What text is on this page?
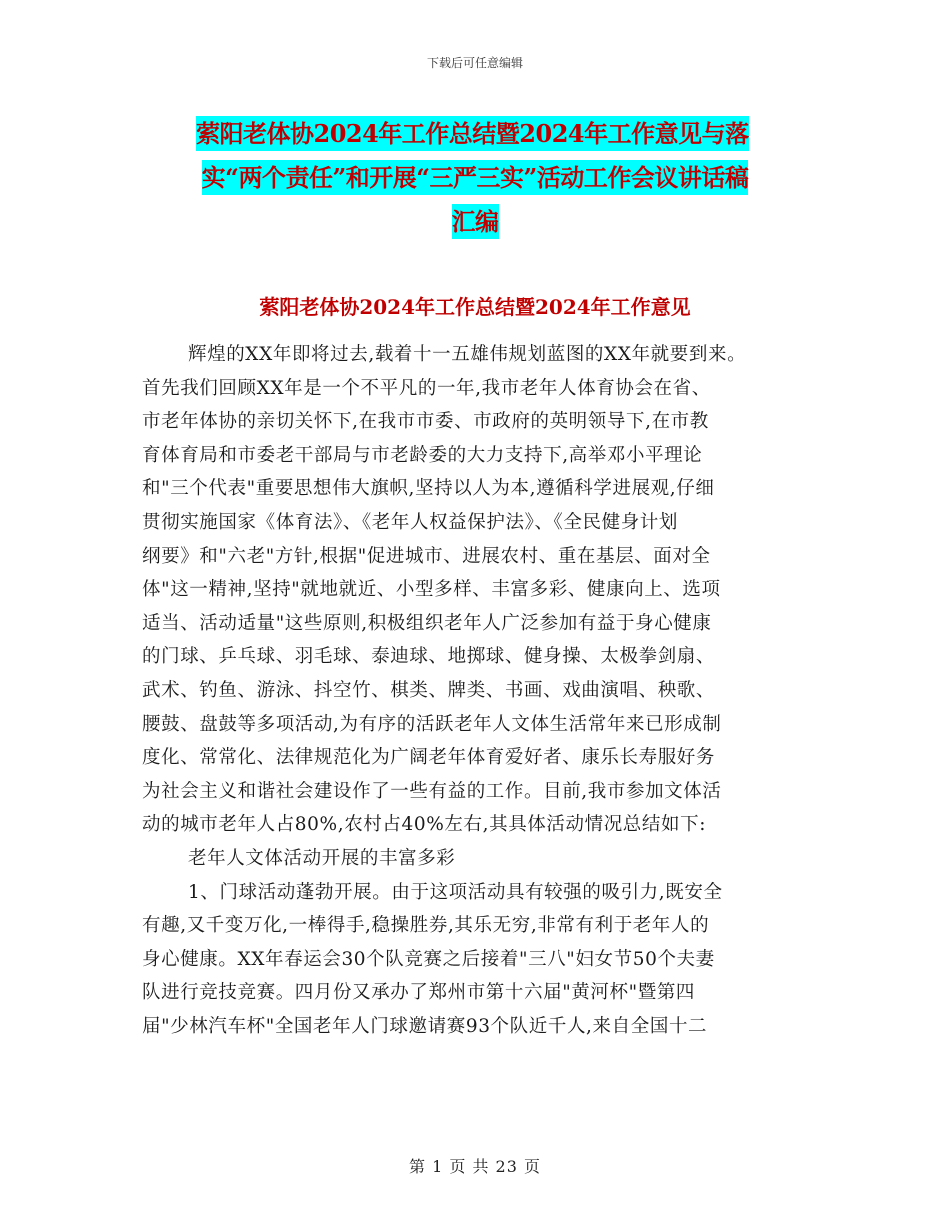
下载后可任意编辑
萦阳老体协2024年工作总结暨2024年工作意见与落
实“两个责任”和开展“三严三实”活动工作会议讲话稿
汇编
萦阳老体协2024年工作总结暨2024年工作意见
辉煌的XX年即将过去,载着十一五雄伟规划蓝图的XX年就要到来。
首先我们回顾XX年是一个不平凡的一年,我市老年人体育协会在省、
市老年体协的亲切关怀下,在我市市委、市政府的英明领导下,在市教
育体育局和市委老干部局与市老龄委的大力支持下,高举邓小平理论
和"三个代表"重要思想伟大旗帜,坚持以人为本,遵循科学进展观,仔细
贯彻实施国家《体育法》、《老年人权益保护法》、《全民健身计划
纲要》和"六老"方针,根据"促进城市、进展农村、重在基层、面对全
体"这一精神,坚持"就地就近、小型多样、丰富多彩、健康向上、选项
适当、活动适量"这些原则,积极组织老年人广泛参加有益于身心健康
的门球、乒乓球、羽毛球、泰迪球、地掷球、健身操、太极拳剑扇、
武术、钓鱼、游泳、抖空竹、棋类、牌类、书画、戏曲演唱、秧歌、
腰鼓、盘鼓等多项活动,为有序的活跃老年人文体生活常年来已形成制
度化、常常化、法律规范化为广阔老年体育爱好者、康乐长寿服好务
为社会主义和谐社会建设作了一些有益的工作。目前,我市参加文体活
动的城市老年人占80%,农村占40%左右,其具体活动情况总结如下:
老年人文体活动开展的丰富多彩
1、门球活动蓬勃开展。由于这项活动具有较强的吸引力,既安全
有趣,又千变万化,一棒得手,稳操胜券,其乐无穷,非常有利于老年人的
身心健康。XX年春运会30个队竞赛之后接着"三八"妇女节50个夫妻
队进行竞技竞赛。四月份又承办了郑州市第十六届"黄河杯"暨第四
届"少林汽车杯"全国老年人门球邀请赛93个队近千人,来自全国十二
第 1 页 共 23 页
